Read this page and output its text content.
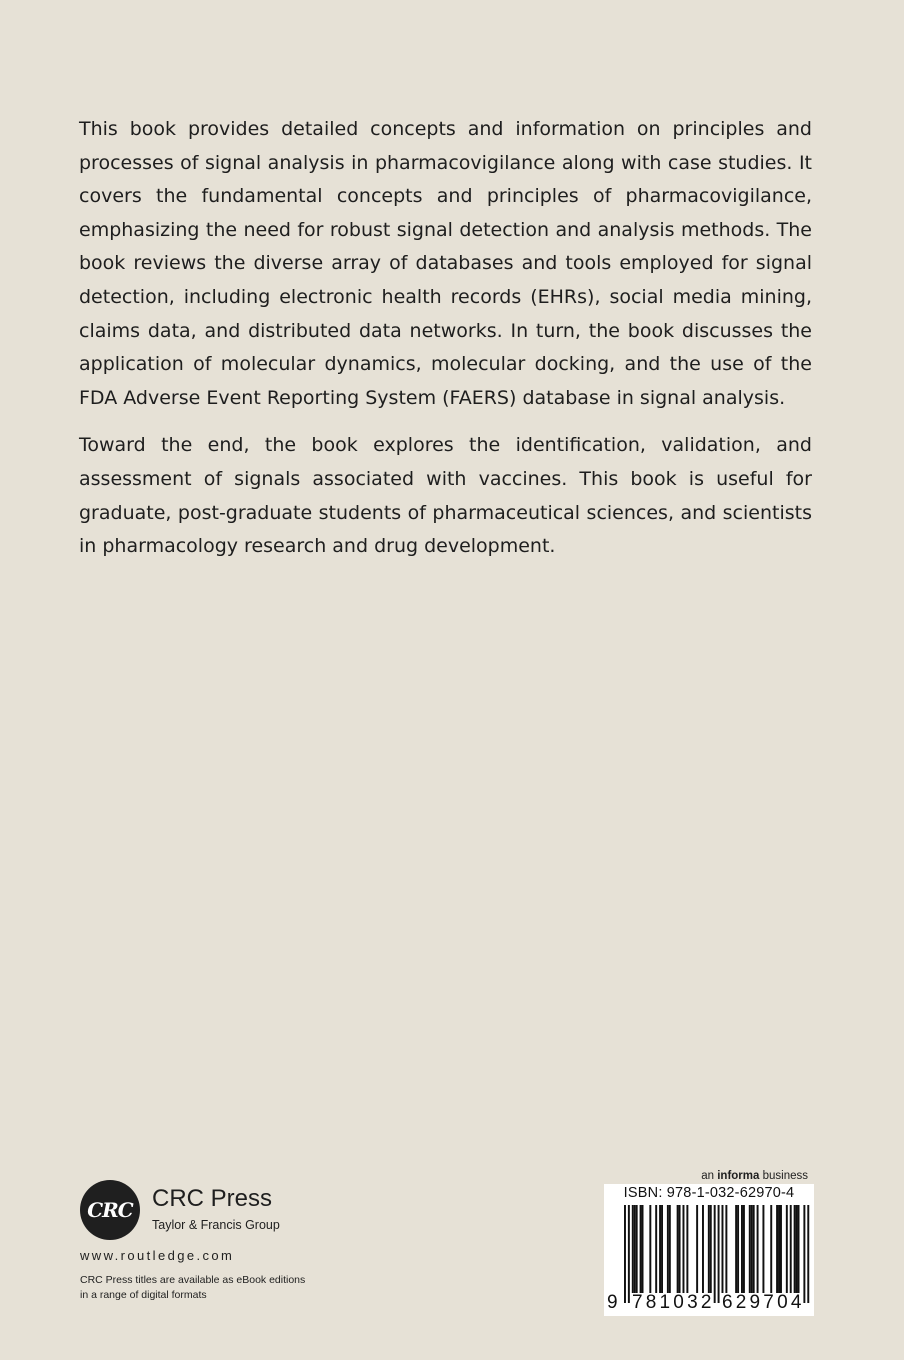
This book provides detailed concepts and information on principles and processes of signal analysis in pharmacovigilance along with case studies. It covers the fundamental concepts and principles of pharmacovigilance, emphasizing the need for robust signal detection and analysis methods. The book reviews the diverse array of databases and tools employed for signal detection, including electronic health records (EHRs), social media mining, claims data, and distributed data networks. In turn, the book discusses the application of molecular dynamics, molecular docking, and the use of the FDA Adverse Event Reporting System (FAERS) database in signal analysis.

Toward the end, the book explores the identification, validation, and assessment of signals associated with vaccines. This book is useful for graduate, post-graduate students of pharmaceutical sciences, and scientists in pharmacology research and drug development.

CRC CRC Press
Taylor & Francis Group
www.routledge.com
CRC Press titles are available as eBook editions
in a range of digital formats
an informa business
ISBN: 978-1-032-62970-4
9 781032 629704
